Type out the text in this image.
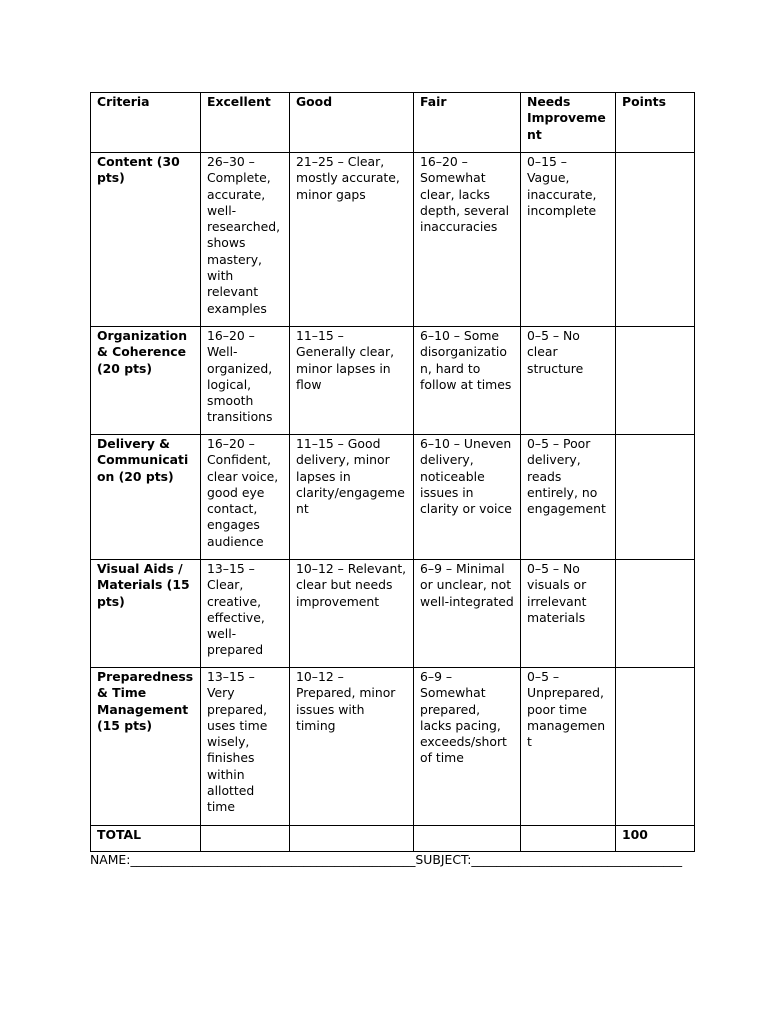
Criteria	Excellent	Good	Fair	Needs Improvement	Points
Content (30 pts)	26–30 – Complete, accurate, well-researched, shows mastery, with relevant examples	21–25 – Clear, mostly accurate, minor gaps	16–20 – Somewhat clear, lacks depth, several inaccuracies	0–15 – Vague, inaccurate, incomplete	
Organization & Coherence (20 pts)	16–20 – Well-organized, logical, smooth transitions	11–15 – Generally clear, minor lapses in flow	6–10 – Some disorganization, hard to follow at times	0–5 – No clear structure	
Delivery & Communication (20 pts)	16–20 – Confident, clear voice, good eye contact, engages audience	11–15 – Good delivery, minor lapses in clarity/engagement	6–10 – Uneven delivery, noticeable issues in clarity or voice	0–5 – Poor delivery, reads entirely, no engagement	
Visual Aids / Materials (15 pts)	13–15 – Clear, creative, effective, well-prepared	10–12 – Relevant, clear but needs improvement	6–9 – Minimal or unclear, not well-integrated	0–5 – No visuals or irrelevant materials	
Preparedness & Time Management (15 pts)	13–15 – Very prepared, uses time wisely, finishes within allotted time	10–12 – Prepared, minor issues with timing	6–9 – Somewhat prepared, lacks pacing, exceeds/short of time	0–5 – Unprepared, poor time management	
TOTAL					100
NAME:______________________________________________SUBJECT:__________________________________
